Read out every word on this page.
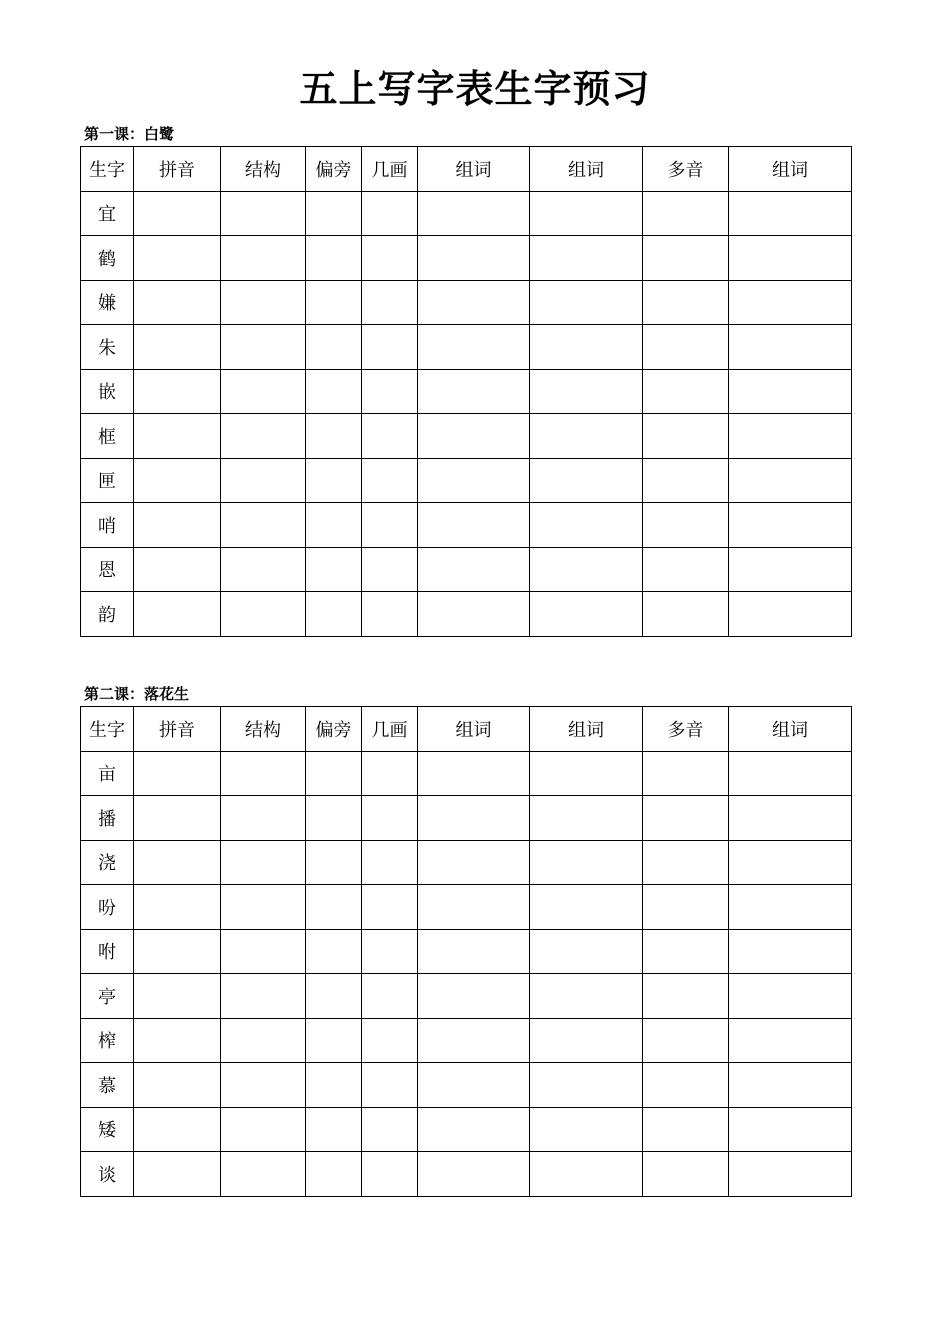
五上写字表生字预习
第一课：白鹭
生字	拼音	结构	偏旁	几画	组词	组词	多音	组词
宜								
鹤								
嫌								
朱								
嵌								
框								
匣								
哨								
恩								
韵								
第二课：落花生
生字	拼音	结构	偏旁	几画	组词	组词	多音	组词
亩								
播								
浇								
吩								
咐								
亭								
榨								
慕								
矮								
谈								
